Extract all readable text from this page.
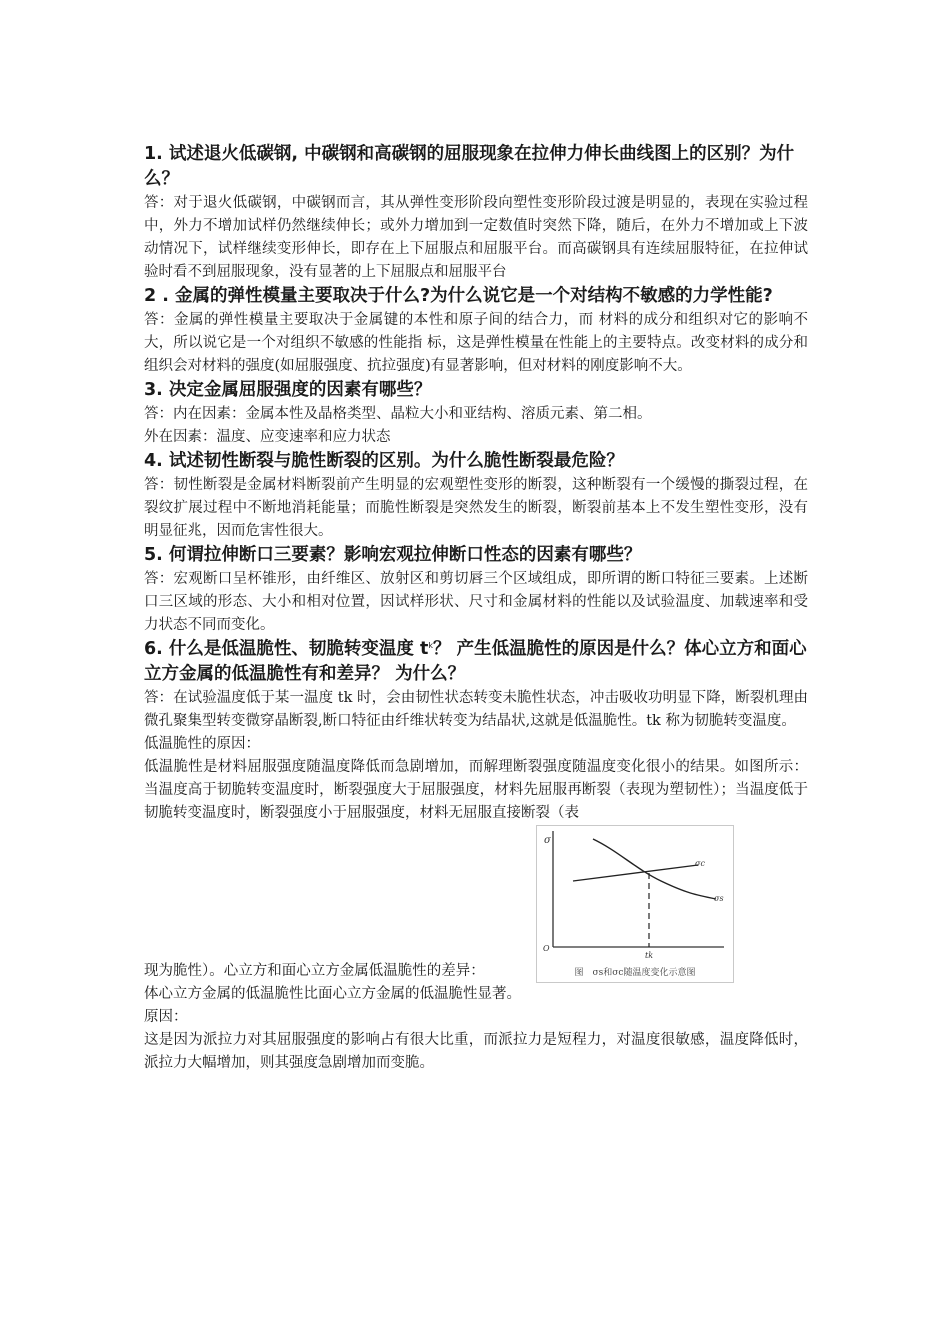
1. 试述退火低碳钢, 中碳钢和高碳钢的屈服现象在拉伸力伸长曲线图上的区别？为什么？

答：对于退火低碳钢，中碳钢而言，其从弹性变形阶段向塑性变形阶段过渡是明显的，表现在实验过程中，外力不增加试样仍然继续伸长；或外力增加到一定数值时突然下降，随后，在外力不增加或上下波动情况下，试样继续变形伸长，即存在上下屈服点和屈服平台。而高碳钢具有连续屈服特征，在拉伸试验时看不到屈服现象，没有显著的上下屈服点和屈服平台

2 . 金属的弹性模量主要取决于什么?为什么说它是一个对结构不敏感的力学性能?

答：金属的弹性模量主要取决于金属键的本性和原子间的结合力，而 材料的成分和组织对它的影响不大，所以说它是一个对组织不敏感的性能指 标，这是弹性模量在性能上的主要特点。改变材料的成分和组织会对材料的强度(如屈服强度、抗拉强度)有显著影响，但对材料的刚度影响不大。

3. 决定金属屈服强度的因素有哪些？

答：内在因素：金属本性及晶格类型、晶粒大小和亚结构、溶质元素、第二相。

外在因素：温度、应变速率和应力状态

4. 试述韧性断裂与脆性断裂的区别。为什么脆性断裂最危险？

答：韧性断裂是金属材料断裂前产生明显的宏观塑性变形的断裂，这种断裂有一个缓慢的撕裂过程，在裂纹扩展过程中不断地消耗能量；而脆性断裂是突然发生的断裂，断裂前基本上不发生塑性变形，没有明显征兆，因而危害性很大。

5. 何谓拉伸断口三要素？影响宏观拉伸断口性态的因素有哪些？

答：宏观断口呈杯锥形，由纤维区、放射区和剪切唇三个区域组成，即所谓的断口特征三要素。上述断口三区域的形态、大小和相对位置，因试样形状、尺寸和金属材料的性能以及试验温度、加载速率和受力状态不同而变化。

6. 什么是低温脆性、韧脆转变温度 $t^k$？ 产生低温脆性的原因是什么？体心立方和面心立方金属的低温脆性有和差异？ 为什么？

答：在试验温度低于某一温度 tk 时，会由韧性状态转变未脆性状态，冲击吸收功明显下降，断裂机理由微孔聚集型转变微穿晶断裂,断口特征由纤维状转变为结晶状,这就是低温脆性。tk 称为韧脆转变温度。

低温脆性的原因：

低温脆性是材料屈服强度随温度降低而急剧增加，而解理断裂强度随温度变化很小的结果。如图所示：当温度高于韧脆转变温度时，断裂强度大于屈服强度，材料先屈服再断裂（表现为塑韧性）；当温度低于韧脆转变温度时，断裂强度小于屈服强度，材料无屈服直接断裂（表

现为脆性）。心立方和面心立方金属低温脆性的差异：
σ
O
σc
σs
tk
图　σs和σc随温度变化示意图

体心立方金属的低温脆性比面心立方金属的低温脆性显著。

原因：

这是因为派拉力对其屈服强度的影响占有很大比重，而派拉力是短程力，对温度很敏感，温度降低时，派拉力大幅增加，则其强度急剧增加而变脆。
